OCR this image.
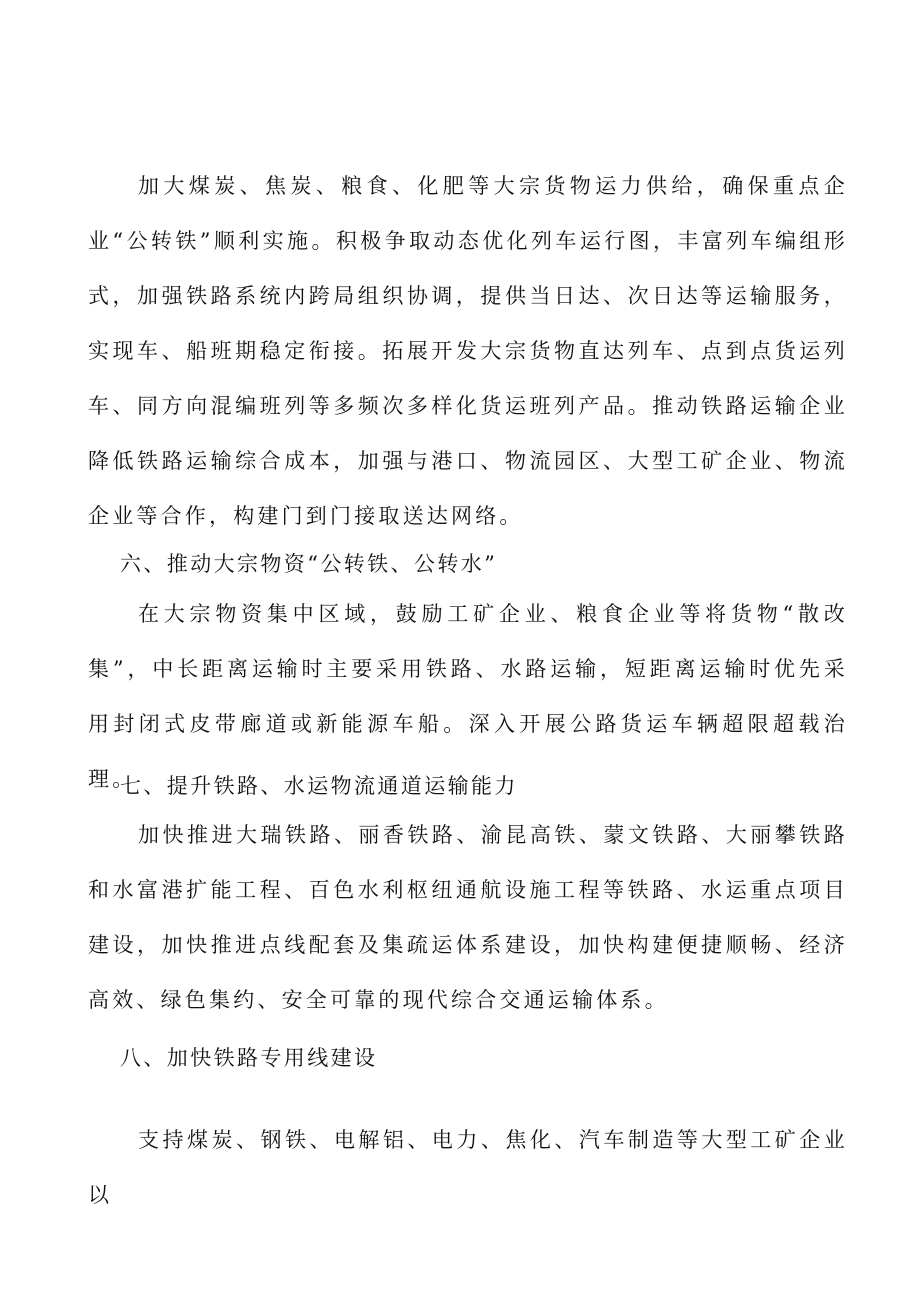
加大煤炭、焦炭、粮食、化肥等大宗货物运力供给，确保重点企业“公转铁”顺利实施。积极争取动态优化列车运行图，丰富列车编组形式，加强铁路系统内跨局组织协调，提供当日达、次日达等运输服务，实现车、船班期稳定衔接。拓展开发大宗货物直达列车、点到点货运列车、同方向混编班列等多频次多样化货运班列产品。推动铁路运输企业降低铁路运输综合成本，加强与港口、物流园区、大型工矿企业、物流企业等合作，构建门到门接取送达网络。

六、推动大宗物资“公转铁、公转水”

在大宗物资集中区域，鼓励工矿企业、粮食企业等将货物“散改集”，中长距离运输时主要采用铁路、水路运输，短距离运输时优先采用封闭式皮带廊道或新能源车船。深入开展公路货运车辆超限超载治理。

七、提升铁路、水运物流通道运输能力

加快推进大瑞铁路、丽香铁路、渝昆高铁、蒙文铁路、大丽攀铁路和水富港扩能工程、百色水利枢纽通航设施工程等铁路、水运重点项目建设，加快推进点线配套及集疏运体系建设，加快构建便捷顺畅、经济高效、绿色集约、安全可靠的现代综合交通运输体系。

八、加快铁路专用线建设

支持煤炭、钢铁、电解铝、电力、焦化、汽车制造等大型工矿企业以
